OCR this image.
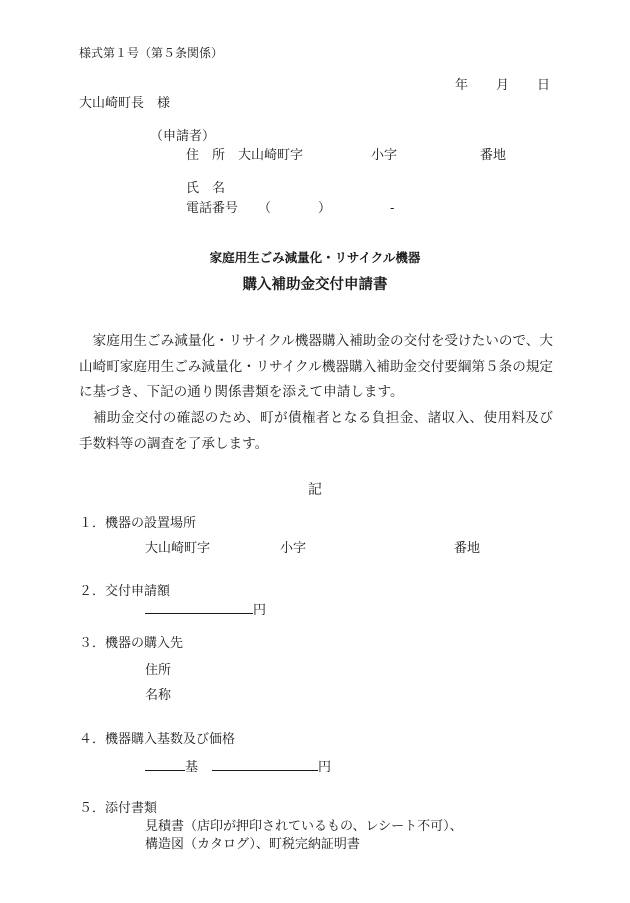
様式第１号（第５条関係）
年 月 日
大山崎町長　様
（申請者）
住　所 大山崎町字	小字	番地
氏　名
電話番号 （	）	-
家庭用生ごみ減量化・リサイクル機器
購入補助金交付申請書
　家庭用生ごみ減量化・リサイクル機器購入補助金の交付を受けたいので、大山崎町家庭用生ごみ減量化・リサイクル機器購入補助金交付要綱第５条の規定に基づき、下記の通り関係書類を添えて申請します。
　補助金交付の確認のため、町が債権者となる負担金、諸収入、使用料及び手数料等の調査を了承します。
記
１．機器の設置場所
大山崎町字	小字	番地
２．交付申請額
円
３．機器の購入先
住所
名称
４．機器購入基数及び価格
基	円
５．添付書類
見積書（店印が押印されているもの、レシート不可）、
構造図（カタログ）、町税完納証明書
